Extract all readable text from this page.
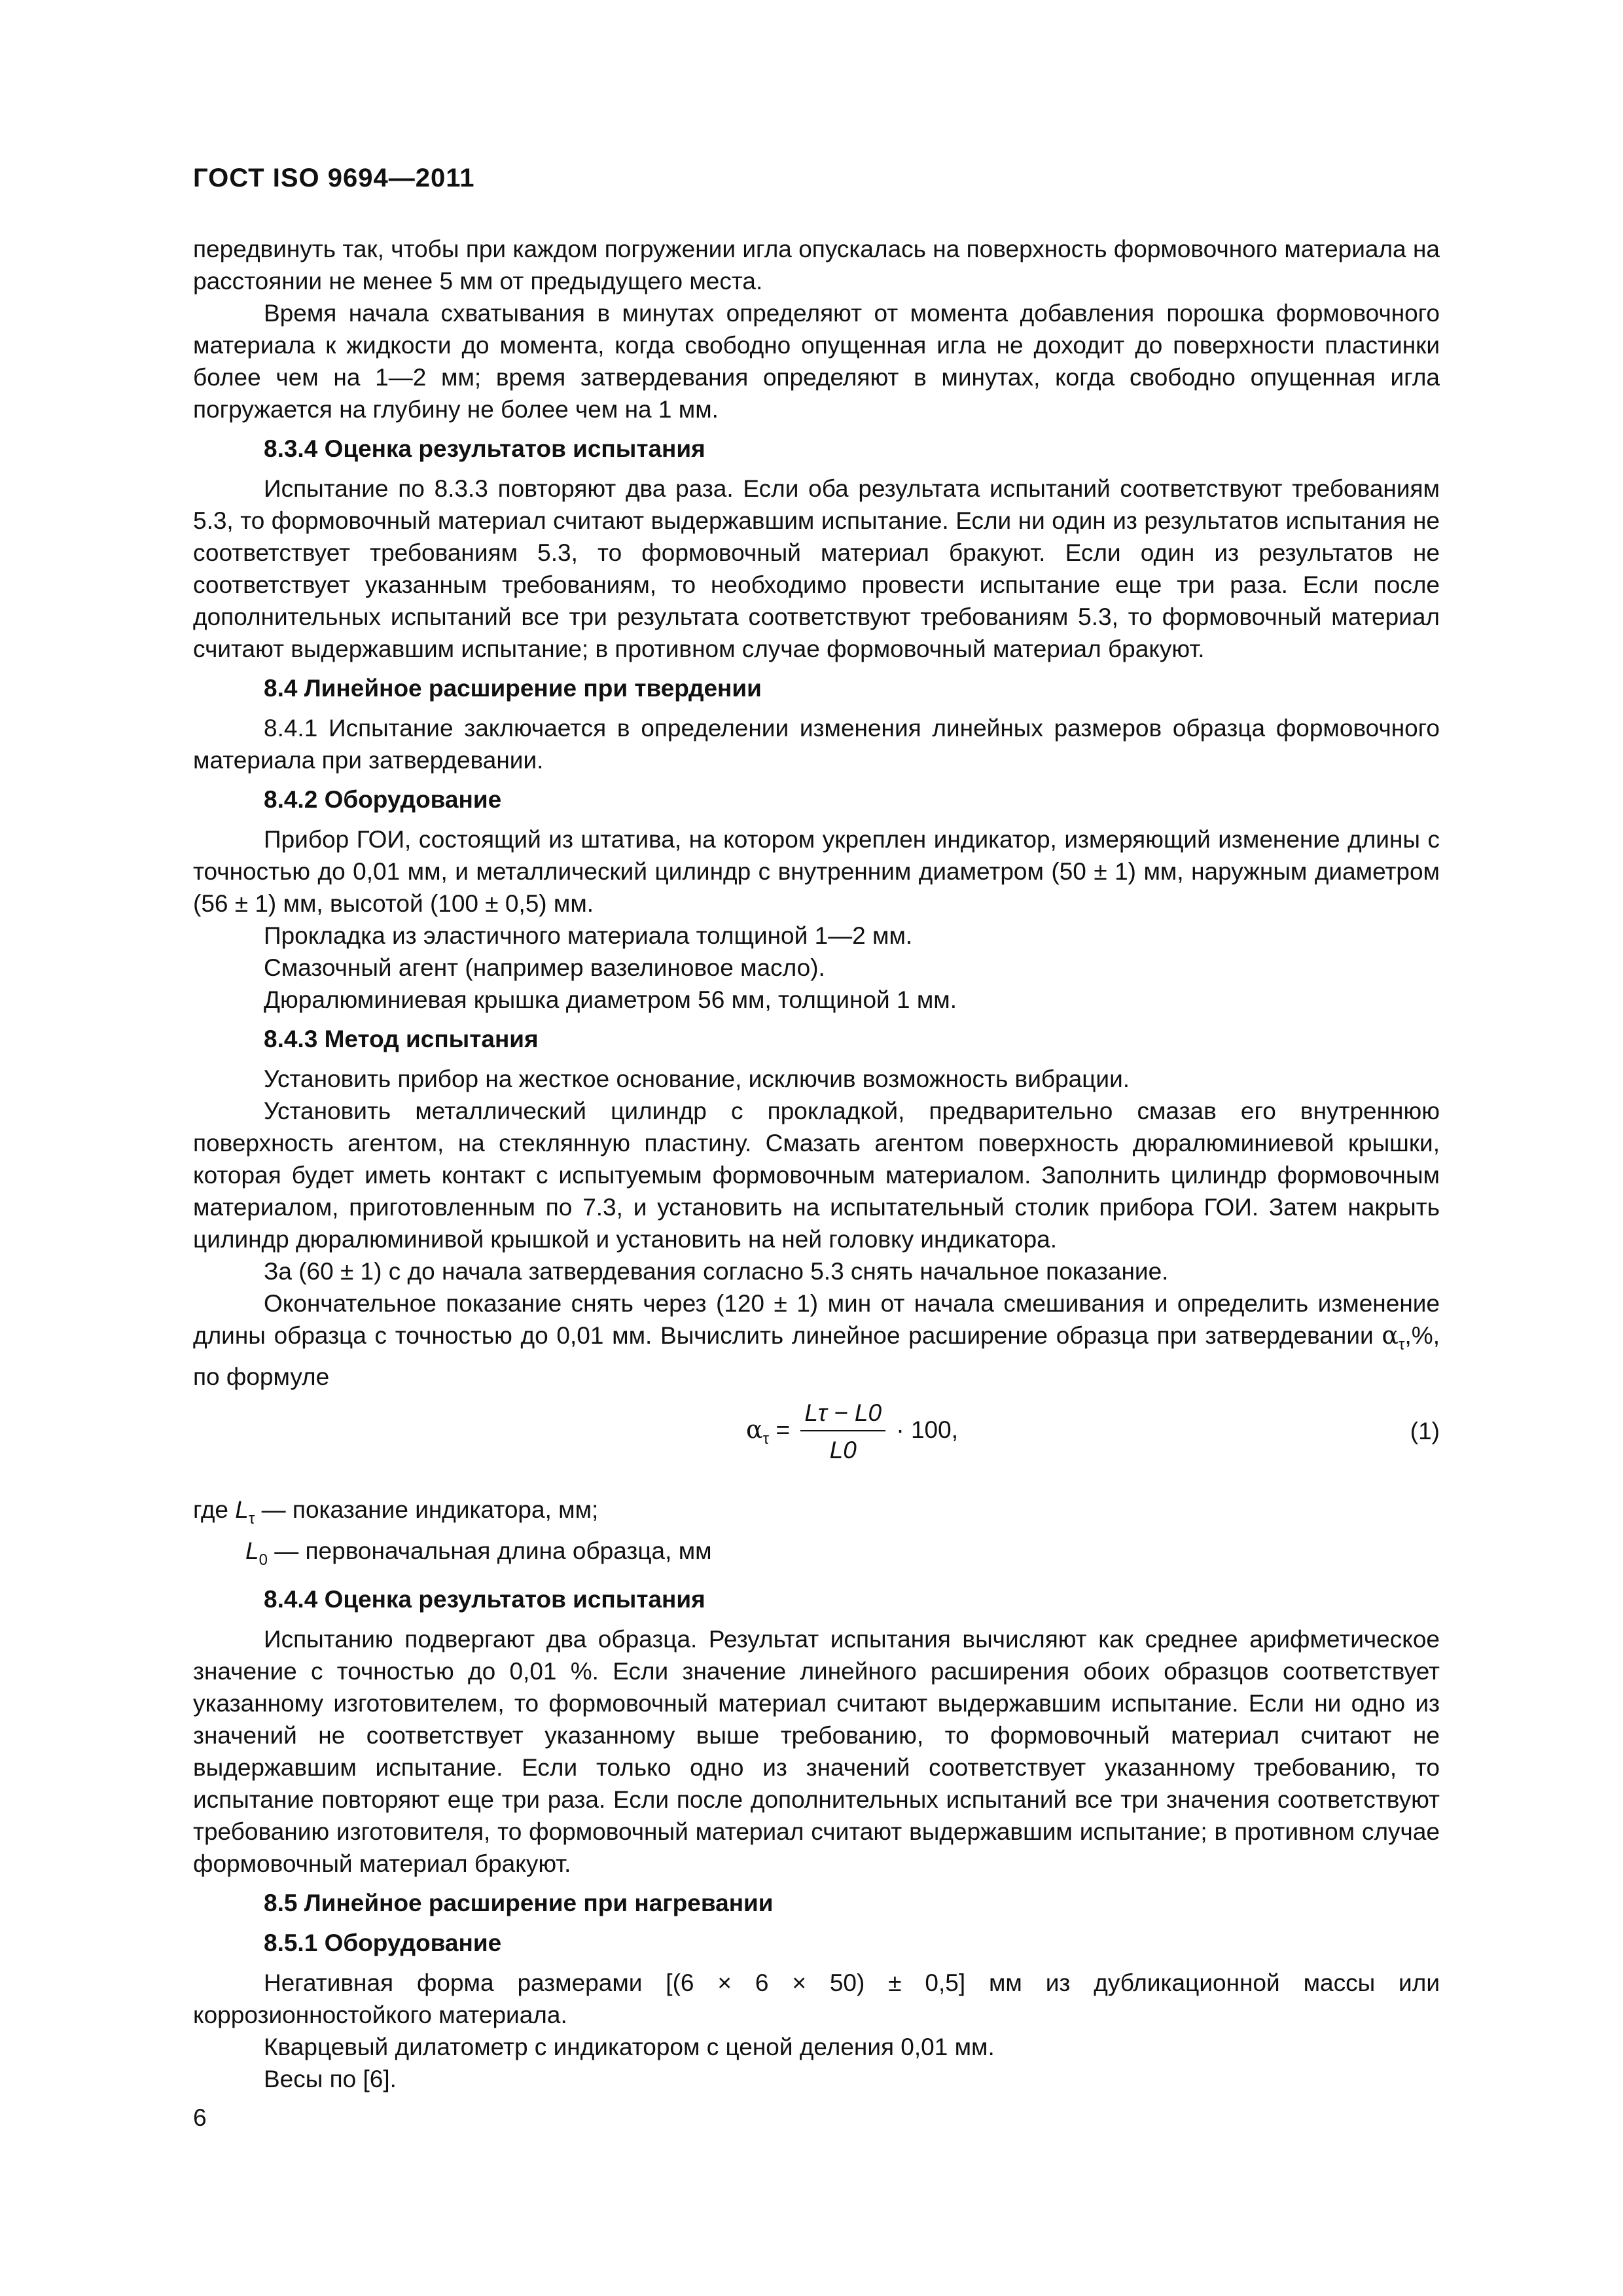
ГОСТ ISO 9694—2011

передвинуть так, чтобы при каждом погружении игла опускалась на поверхность формовочного материала на расстоянии не менее 5 мм от предыдущего места.

Время начала схватывания в минутах определяют от момента добавления порошка формовочного материала к жидкости до момента, когда свободно опущенная игла не доходит до поверхности пластинки более чем на 1—2 мм; время затвердевания определяют в минутах, когда свободно опущенная игла погружается на глубину не более чем на 1 мм.

8.3.4 Оценка результатов испытания

Испытание по 8.3.3 повторяют два раза. Если оба результата испытаний соответствуют требованиям 5.3, то формовочный материал считают выдержавшим испытание. Если ни один из результатов испытания не соответствует требованиям 5.3, то формовочный материал бракуют. Если один из результатов не соответствует указанным требованиям, то необходимо провести испытание еще три раза. Если после дополнительных испытаний все три результата соответствуют требованиям 5.3, то формовочный материал считают выдержавшим испытание; в противном случае формовочный материал бракуют.

8.4 Линейное расширение при твердении

8.4.1 Испытание заключается в определении изменения линейных размеров образца формовочного материала при затвердевании.

8.4.2 Оборудование

Прибор ГОИ, состоящий из штатива, на котором укреплен индикатор, измеряющий изменение длины с точностью до 0,01 мм, и металлический цилиндр с внутренним диаметром (50 ± 1) мм, наружным диаметром (56 ± 1) мм, высотой (100 ± 0,5) мм.

Прокладка из эластичного материала толщиной 1—2 мм.

Смазочный агент (например вазелиновое масло).

Дюралюминиевая крышка диаметром 56 мм, толщиной 1 мм.

8.4.3 Метод испытания

Установить прибор на жесткое основание, исключив возможность вибрации.

Установить металлический цилиндр с прокладкой, предварительно смазав его внутреннюю поверхность агентом, на стеклянную пластину. Смазать агентом поверхность дюралюминиевой крышки, которая будет иметь контакт с испытуемым формовочным материалом. Заполнить цилиндр формовочным материалом, приготовленным по 7.3, и установить на испытательный столик прибора ГОИ. Затем накрыть цилиндр дюралюминивой крышкой и установить на ней головку индикатора.

За (60 ± 1) с до начала затвердевания согласно 5.3 снять начальное показание.

Окончательное показание снять через (120 ± 1) мин от начала смешивания и определить изменение длины образца с точностью до 0,01 мм. Вычислить линейное расширение образца при затвердевании $\alpha_\tau,\%$, по формуле

$\alpha_\tau = \frac{L\tau - L0}{L0} \cdot 100$,	(1)

где $L_\tau$ — показание индикатора, мм;

$L_0$ — первоначальная длина образца, мм

8.4.4 Оценка результатов испытания

Испытанию подвергают два образца. Результат испытания вычисляют как среднее арифметическое значение с точностью до 0,01 %. Если значение линейного расширения обоих образцов соответствует указанному изготовителем, то формовочный материал считают выдержавшим испытание. Если ни одно из значений не соответствует указанному выше требованию, то формовочный материал считают не выдержавшим испытание. Если только одно из значений соответствует указанному требованию, то испытание повторяют еще три раза. Если после дополнительных испытаний все три значения соответствуют требованию изготовителя, то формовочный материал считают выдержавшим испытание; в противном случае формовочный материал бракуют.

8.5 Линейное расширение при нагревании

8.5.1 Оборудование

Негативная форма размерами [(6 × 6 × 50) ± 0,5] мм из дубликационной массы или коррозионностойкого материала.

Кварцевый дилатометр с индикатором с ценой деления 0,01 мм.

Весы по [6].

6
